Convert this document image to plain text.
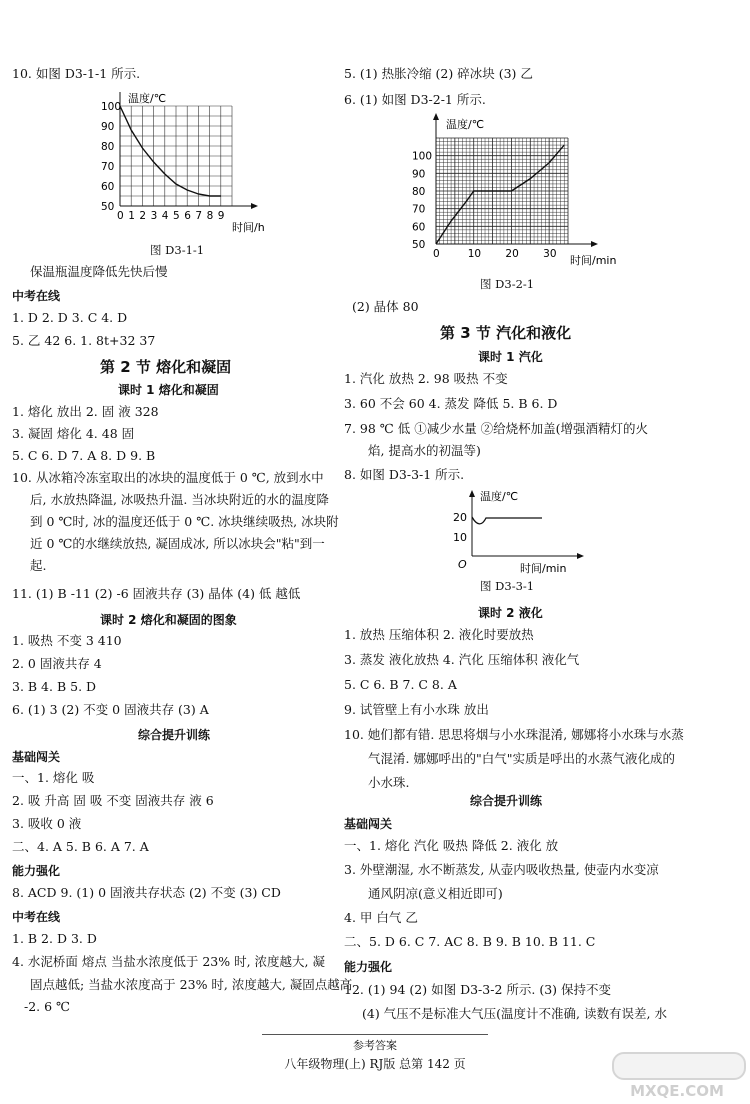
10. 如图 D3-1-1 所示.
温度/℃
时间/h
0 1 2 3 4 5 6 7 8 9
50
60
70
80
90
100
图 D3-1-1
保温瓶温度降低先快后慢
中考在线
1. D 2. D 3. C 4. D
5. 乙 42 6. 1. 8t+32 37
第 2 节 熔化和凝固
课时 1 熔化和凝固
1. 熔化 放出 2. 固 液 328
3. 凝固 熔化 4. 48 固
5. C 6. D 7. A 8. D 9. B
10. 从冰箱冷冻室取出的冰块的温度低于 0 ℃, 放到水中
后, 水放热降温, 冰吸热升温. 当冰块附近的水的温度降
到 0 ℃时, 冰的温度还低于 0 ℃. 冰块继续吸热, 冰块附
近 0 ℃的水继续放热, 凝固成冰, 所以冰块会"粘"到一
起.
11. (1) B -11 (2) -6 固液共存 (3) 晶体 (4) 低 越低
课时 2 熔化和凝固的图象
1. 吸热 不变 3 410
2. 0 固液共存 4
3. B 4. B 5. D
6. (1) 3 (2) 不变 0 固液共存 (3) A
综合提升训练
基础闯关
一、1. 熔化 吸
2. 吸 升高 固 吸 不变 固液共存 液 6
3. 吸收 0 液
二、4. A 5. B 6. A 7. A
能力强化
8. ACD 9. (1) 0 固液共存状态 (2) 不变 (3) CD
中考在线
1. B 2. D 3. D
4. 水泥桥面 熔点 当盐水浓度低于 23% 时, 浓度越大, 凝
固点越低; 当盐水浓度高于 23% 时, 浓度越大, 凝固点越高
-2. 6 ℃
5. (1) 热胀冷缩 (2) 碎冰块 (3) 乙
6. (1) 如图 D3-2-1 所示.
温度/℃
时间/min
0	10 20 30
50
60
70
80
90
100
图 D3-2-1
(2) 晶体 80
第 3 节 汽化和液化
课时 1 汽化
1. 汽化 放热 2. 98 吸热 不变
3. 60 不会 60 4. 蒸发 降低 5. B 6. D
7. 98 ℃ 低 ①减少水量 ②给烧杯加盖(增强酒精灯的火
焰, 提高水的初温等)
8. 如图 D3-3-1 所示.
温度/℃
时间/min
20
10
O
图 D3-3-1
课时 2 液化
1. 放热 压缩体积 2. 液化时要放热
3. 蒸发 液化放热 4. 汽化 压缩体积 液化气
5. C 6. B 7. C 8. A
9. 试管壁上有小水珠 放出
10. 她们都有错. 思思将烟与小水珠混淆, 娜娜将小水珠与水蒸
气混淆. 娜娜呼出的"白气"实质是呼出的水蒸气液化成的
小水珠.
综合提升训练
基础闯关
一、1. 熔化 汽化 吸热 降低 2. 液化 放
3. 外壁潮湿, 水不断蒸发, 从壶内吸收热量, 使壶内水变凉
通风阴凉(意义相近即可)
4. 甲 白气 乙
二、5. D 6. C 7. AC 8. B 9. B 10. B 11. C
能力强化
12. (1) 94 (2) 如图 D3-3-2 所示. (3) 保持不变
(4) 气压不是标准大气压(温度计不准确, 读数有误差, 水
参考答案
八年级物理(上) RJ版 总第 142 页
MXQE.COM
